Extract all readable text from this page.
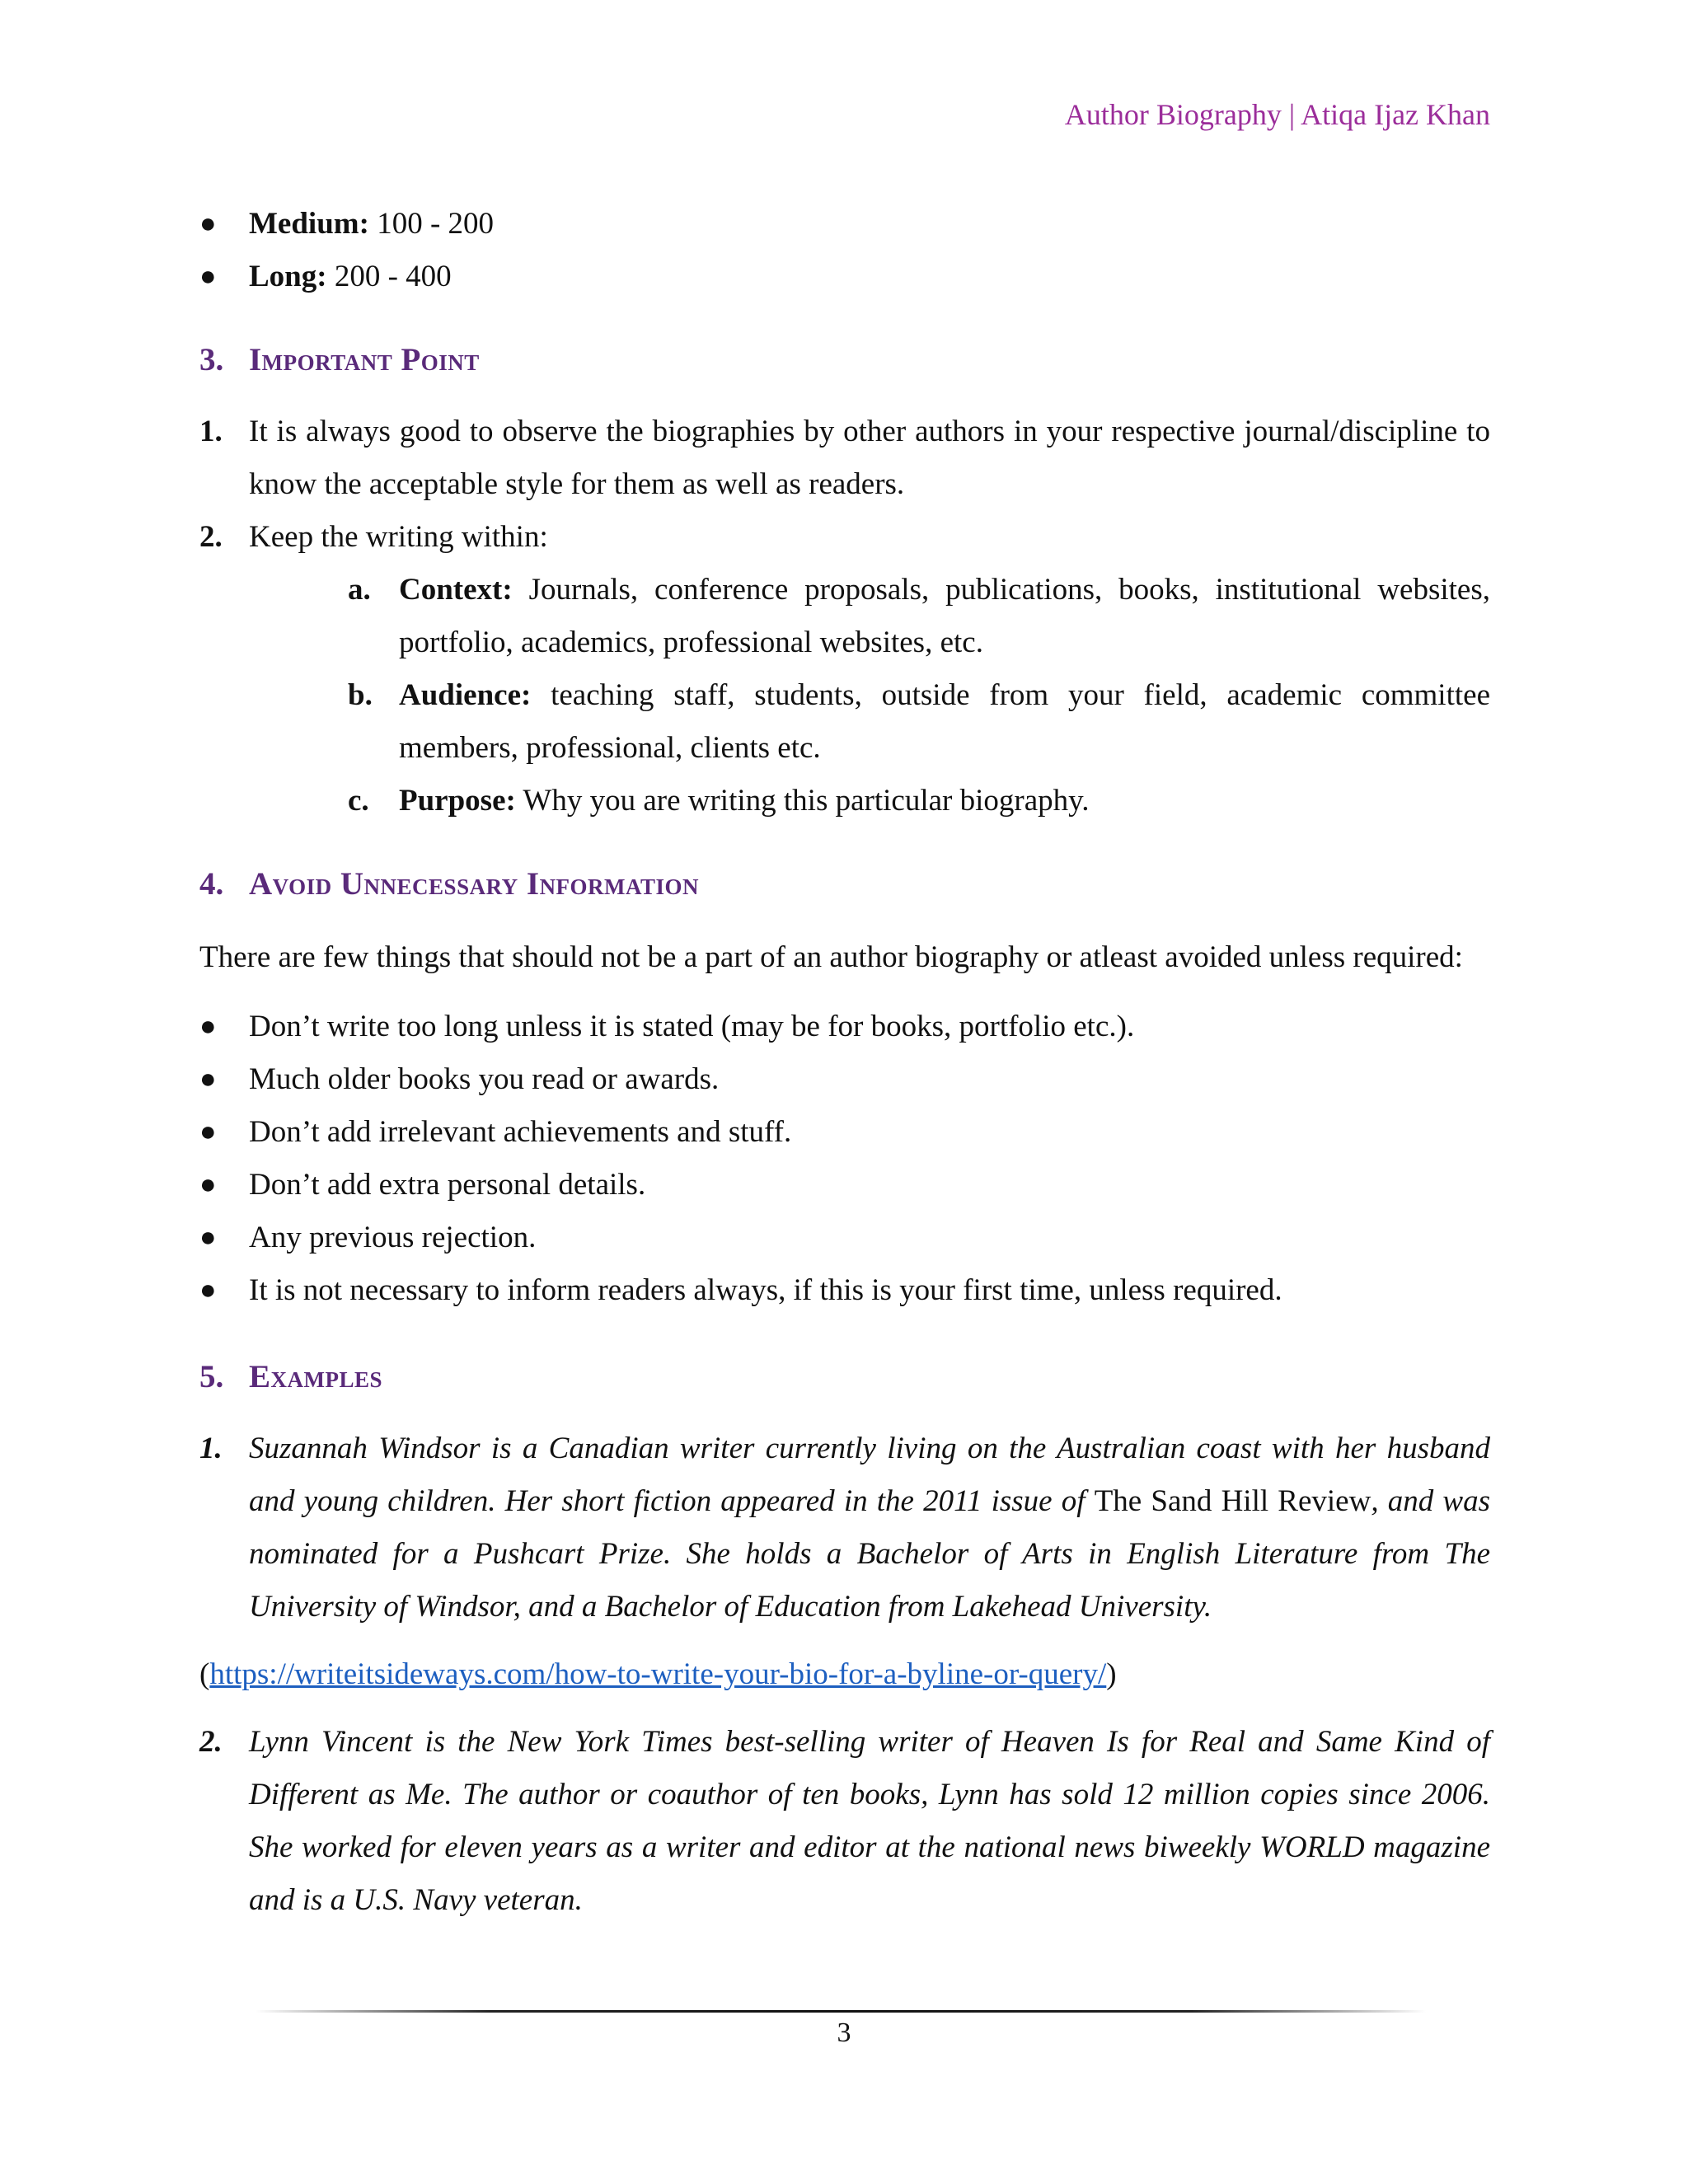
Author Biography | Atiqa Ijaz Khan
● Medium: 100 - 200
● Long: 200 - 400
3. Important Point
1. It is always good to observe the biographies by other authors in your respective journal/discipline to know the acceptable style for them as well as readers.
2. Keep the writing within:
a. Context: Journals, conference proposals, publications, books, institutional websites, portfolio, academics, professional websites, etc.
b. Audience: teaching staff, students, outside from your field, academic committee members, professional, clients etc.
c. Purpose: Why you are writing this particular biography.
4. Avoid Unnecessary Information
There are few things that should not be a part of an author biography or atleast avoided unless required:
● Don’t write too long unless it is stated (may be for books, portfolio etc.).
● Much older books you read or awards.
● Don’t add irrelevant achievements and stuff.
● Don’t add extra personal details.
● Any previous rejection.
● It is not necessary to inform readers always, if this is your first time, unless required.
5. Examples
1. Suzannah Windsor is a Canadian writer currently living on the Australian coast with her husband and young children. Her short fiction appeared in the 2011 issue of The Sand Hill Review, and was nominated for a Pushcart Prize. She holds a Bachelor of Arts in English Literature from The University of Windsor, and a Bachelor of Education from Lakehead University.
(https://writeitsideways.com/how-to-write-your-bio-for-a-byline-or-query/)
2. Lynn Vincent is the New York Times best-selling writer of Heaven Is for Real and Same Kind of Different as Me. The author or coauthor of ten books, Lynn has sold 12 million copies since 2006. She worked for eleven years as a writer and editor at the national news biweekly WORLD magazine and is a U.S. Navy veteran.
3
